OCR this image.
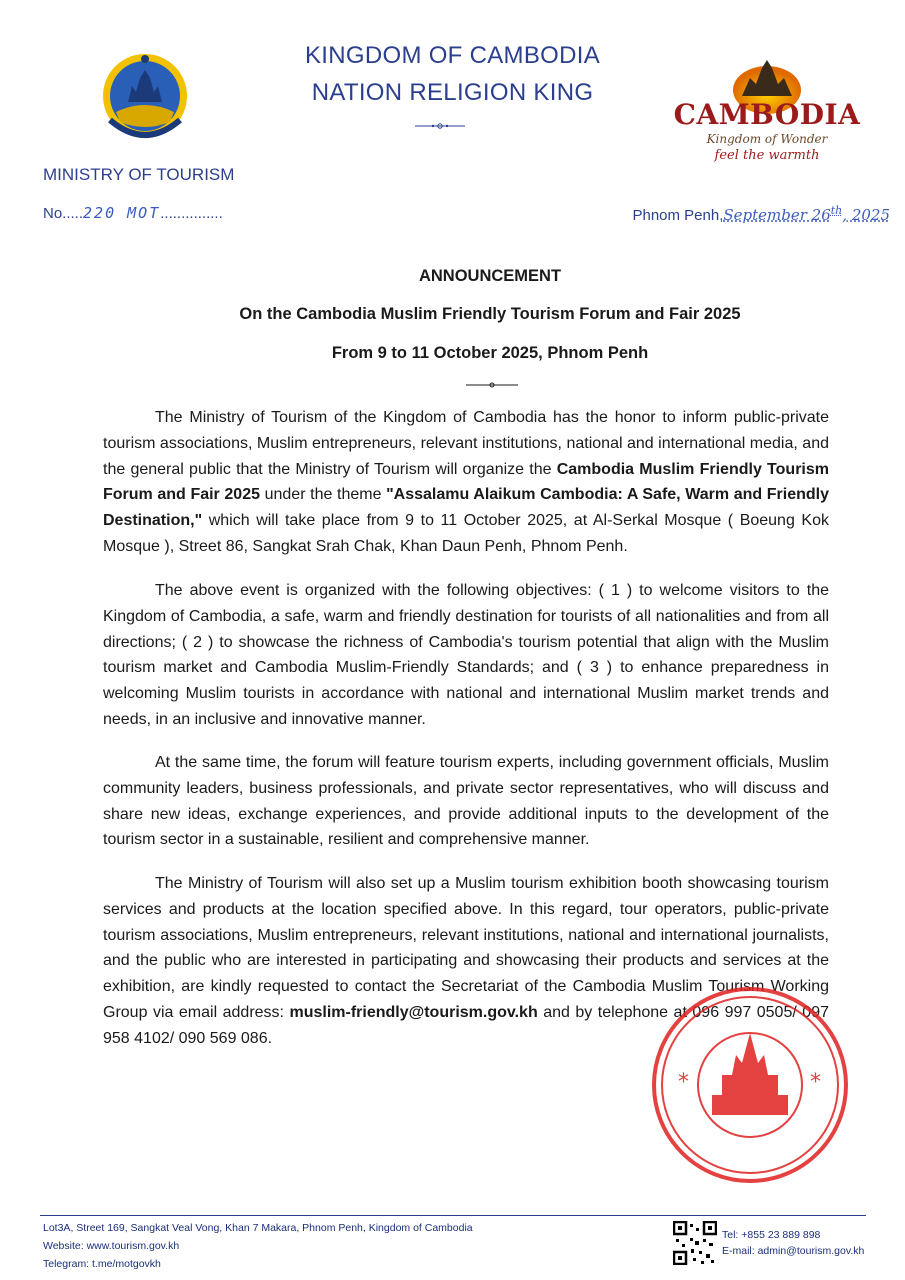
CAMBODIA
Kingdom of Wonder
feel the warmth
KINGDOM OF CAMBODIA
NATION RELIGION KING
MINISTRY OF TOURISM
No.....220 MOT...............	Phnom Penh,September 26th, 2025
ANNOUNCEMENT
On the Cambodia Muslim Friendly Tourism Forum and Fair 2025
From 9 to 11 October 2025, Phnom Penh

The Ministry of Tourism of the Kingdom of Cambodia has the honor to inform public-private tourism associations, Muslim entrepreneurs, relevant institutions, national and international media, and the general public that the Ministry of Tourism will organize the Cambodia Muslim Friendly Tourism Forum and Fair 2025 under the theme "Assalamu Alaikum Cambodia: A Safe, Warm and Friendly Destination," which will take place from 9 to 11 October 2025, at Al-Serkal Mosque ( Boeung Kok Mosque ), Street 86, Sangkat Srah Chak, Khan Daun Penh, Phnom Penh.

The above event is organized with the following objectives: ( 1 ) to welcome visitors to the Kingdom of Cambodia, a safe, warm and friendly destination for tourists of all nationalities and from all directions; ( 2 ) to showcase the richness of Cambodia's tourism potential that align with the Muslim tourism market and Cambodia Muslim-Friendly Standards; and ( 3 ) to enhance preparedness in welcoming Muslim tourists in accordance with national and international Muslim market trends and needs, in an inclusive and innovative manner.

At the same time, the forum will feature tourism experts, including government officials, Muslim community leaders, business professionals, and private sector representatives, who will discuss and share new ideas, exchange experiences, and provide additional inputs to the development of the tourism sector in a sustainable, resilient and comprehensive manner.

The Ministry of Tourism will also set up a Muslim tourism exhibition booth showcasing tourism services and products at the location specified above. In this regard, tour operators, public-private tourism associations, Muslim entrepreneurs, relevant institutions, national and international journalists, and the public who are interested in participating and showcasing their products and services at the exhibition, are kindly requested to contact the Secretariat of the Cambodia Muslim Tourism Working Group via email address: muslim-friendly@tourism.gov.kh and by telephone at 096 997 0505/ 097 958 4102/ 090 569 086.

*	*
Lot3A, Street 169, Sangkat Veal Vong, Khan 7 Makara, Phnom Penh, Kingdom of Cambodia
Website: www.tourism.gov.kh
Telegram: t.me/motgovkh
Tel: +855 23 889 898
E-mail: admin@tourism.gov.kh
